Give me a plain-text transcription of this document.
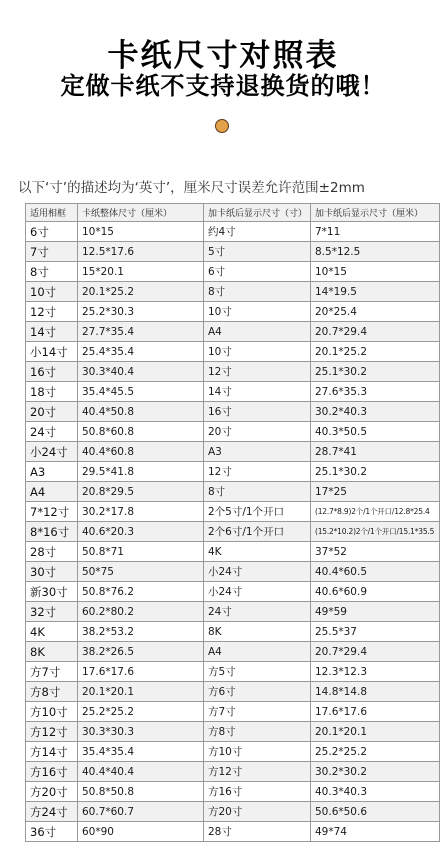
卡纸尺寸对照表
定做卡纸不支持退换货的哦！
以下‘寸’的描述均为‘英寸’，厘米尺寸误差允许范围±2mm
适用相框	卡纸整体尺寸（厘米）	加卡纸后显示尺寸（寸）	加卡纸后显示尺寸（厘米）
6寸	10*15	约4寸	7*11
7寸	12.5*17.6	5寸	8.5*12.5
8寸	15*20.1	6寸	10*15
10寸	20.1*25.2	8寸	14*19.5
12寸	25.2*30.3	10寸	20*25.4
14寸	27.7*35.4	A4	20.7*29.4
小14寸	25.4*35.4	10寸	20.1*25.2
16寸	30.3*40.4	12寸	25.1*30.2
18寸	35.4*45.5	14寸	27.6*35.3
20寸	40.4*50.8	16寸	30.2*40.3
24寸	50.8*60.8	20寸	40.3*50.5
小24寸	40.4*60.8	A3	28.7*41
A3	29.5*41.8	12寸	25.1*30.2
A4	20.8*29.5	8寸	17*25
7*12寸	30.2*17.8	2个5寸/1个开口	(12.7*8.9)2个/1个开口/12.8*25.4
8*16寸	40.6*20.3	2个6寸/1个开口	(15.2*10.2)2个/1个开口/15.1*35.5
28寸	50.8*71	4K	37*52
30寸	50*75	小24寸	40.4*60.5
新30寸	50.8*76.2	小24寸	40.6*60.9
32寸	60.2*80.2	24寸	49*59
4K	38.2*53.2	8K	25.5*37
8K	38.2*26.5	A4	20.7*29.4
方7寸	17.6*17.6	方5寸	12.3*12.3
方8寸	20.1*20.1	方6寸	14.8*14.8
方10寸	25.2*25.2	方7寸	17.6*17.6
方12寸	30.3*30.3	方8寸	20.1*20.1
方14寸	35.4*35.4	方10寸	25.2*25.2
方16寸	40.4*40.4	方12寸	30.2*30.2
方20寸	50.8*50.8	方16寸	40.3*40.3
方24寸	60.7*60.7	方20寸	50.6*50.6
36寸	60*90	28寸	49*74
